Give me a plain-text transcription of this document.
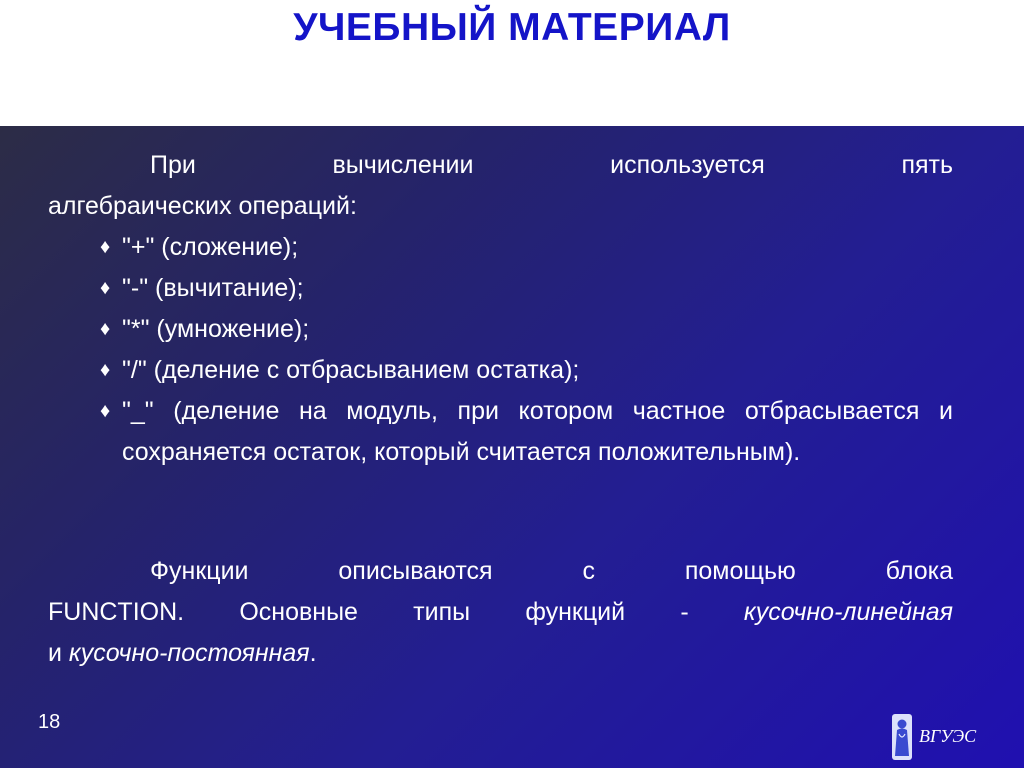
УЧЕБНЫЙ МАТЕРИАЛ
При вычислении используется пять
алгебраических операций:
♦ "+" (сложение);
♦ "-" (вычитание);
♦ "*" (умножение);
♦ "/" (деление с отбрасыванием остатка);
♦ "_" (деление на модуль, при котором частное отбрасывается и сохраняется остаток, который считается положительным).
Функции описываются с помощью блока
FUNCTION. Основные типы функций - кусочно-линейная
и кусочно-постоянная.
18
ВГУЭС
